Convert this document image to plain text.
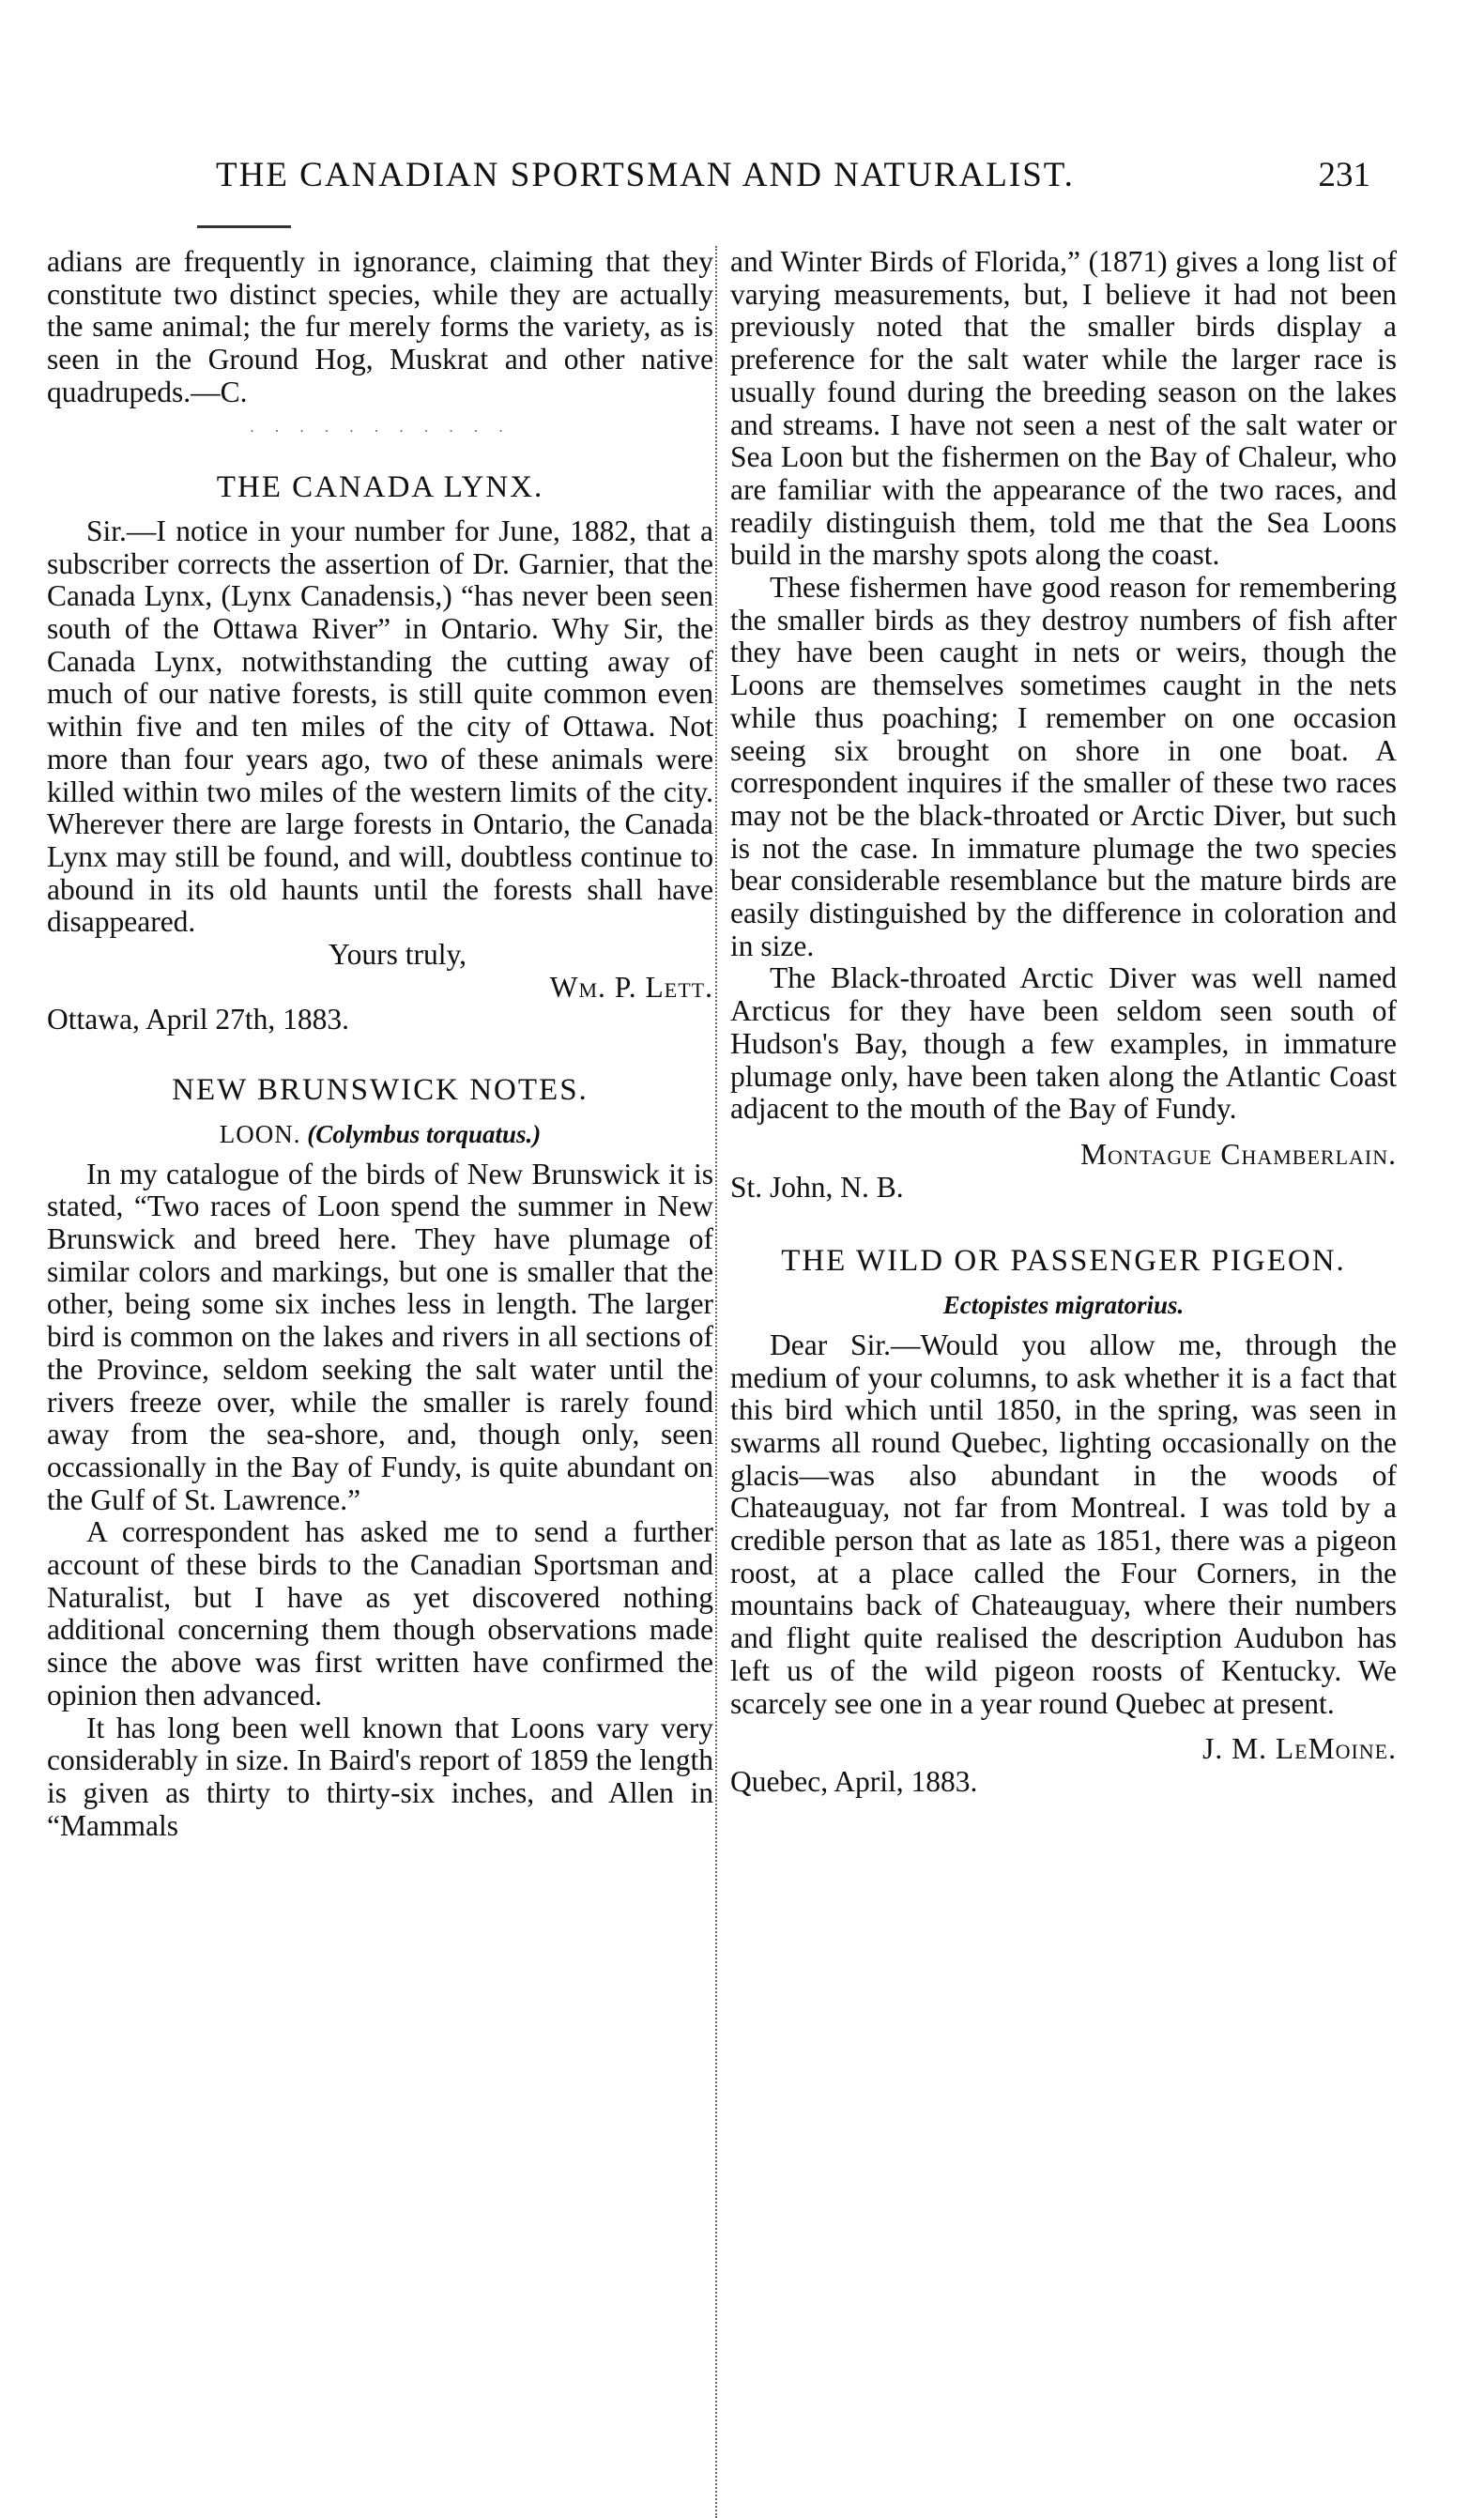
THE CANADIAN SPORTSMAN AND NATURALIST.	231

adians are frequently in ignorance, claiming that they constitute two distinct species, while they are actually the same animal; the fur merely forms the variety, as is seen in the Ground Hog, Muskrat and other native quadrupeds.—C.

· · · · · · · · · · ·
THE CANADA LYNX.

Sir.—I notice in your number for June, 1882, that a subscriber corrects the assertion of Dr. Garnier, that the Canada Lynx, (Lynx Canadensis,) “has never been seen south of the Ottawa River” in Ontario. Why Sir, the Canada Lynx, notwithstanding the cutting away of much of our native forests, is still quite common even within five and ten miles of the city of Ottawa. Not more than four years ago, two of these animals were killed within two miles of the western limits of the city. Wherever there are large forests in Ontario, the Canada Lynx may still be found, and will, doubtless continue to abound in its old haunts until the forests shall have disappeared.

Yours truly,

Wm. P. Lett.

Ottawa, April 27th, 1883.

NEW BRUNSWICK NOTES.
LOON. (Colymbus torquatus.)

In my catalogue of the birds of New Brunswick it is stated, “Two races of Loon spend the summer in New Brunswick and breed here. They have plumage of similar colors and markings, but one is smaller that the other, being some six inches less in length. The larger bird is common on the lakes and rivers in all sections of the Province, seldom seeking the salt water until the rivers freeze over, while the smaller is rarely found away from the sea-shore, and, though only, seen occassionally in the Bay of Fundy, is quite abundant on the Gulf of St. Lawrence.”

A correspondent has asked me to send a further account of these birds to the Canadian Sportsman and Naturalist, but I have as yet discovered nothing additional concerning them though observations made since the above was first written have confirmed the opinion then advanced.

It has long been well known that Loons vary very considerably in size. In Baird's report of 1859 the length is given as thirty to thirty-six inches, and Allen in “Mammals

and Winter Birds of Florida,” (1871) gives a long list of varying measurements, but, I believe it had not been previously noted that the smaller birds display a preference for the salt water while the larger race is usually found during the breeding season on the lakes and streams. I have not seen a nest of the salt water or Sea Loon but the fishermen on the Bay of Chaleur, who are familiar with the appearance of the two races, and readily distinguish them, told me that the Sea Loons build in the marshy spots along the coast.

These fishermen have good reason for remembering the smaller birds as they destroy numbers of fish after they have been caught in nets or weirs, though the Loons are themselves sometimes caught in the nets while thus poaching; I remember on one occasion seeing six brought on shore in one boat. A correspondent inquires if the smaller of these two races may not be the black-throated or Arctic Diver, but such is not the case. In immature plumage the two species bear considerable resemblance but the mature birds are easily distinguished by the difference in coloration and in size.

The Black-throated Arctic Diver was well named Arcticus for they have been seldom seen south of Hudson's Bay, though a few examples, in immature plumage only, have been taken along the Atlantic Coast adjacent to the mouth of the Bay of Fundy.

Montague Chamberlain.

St. John, N. B.

THE WILD OR PASSENGER PIGEON.
Ectopistes migratorius.

Dear Sir.—Would you allow me, through the medium of your columns, to ask whether it is a fact that this bird which until 1850, in the spring, was seen in swarms all round Quebec, lighting occasionally on the glacis—was also abundant in the woods of Chateauguay, not far from Montreal. I was told by a credible person that as late as 1851, there was a pigeon roost, at a place called the Four Corners, in the mountains back of Chateauguay, where their numbers and flight quite realised the description Audubon has left us of the wild pigeon roosts of Kentucky. We scarcely see one in a year round Quebec at present.

J. M. LeMoine.

Quebec, April, 1883.
